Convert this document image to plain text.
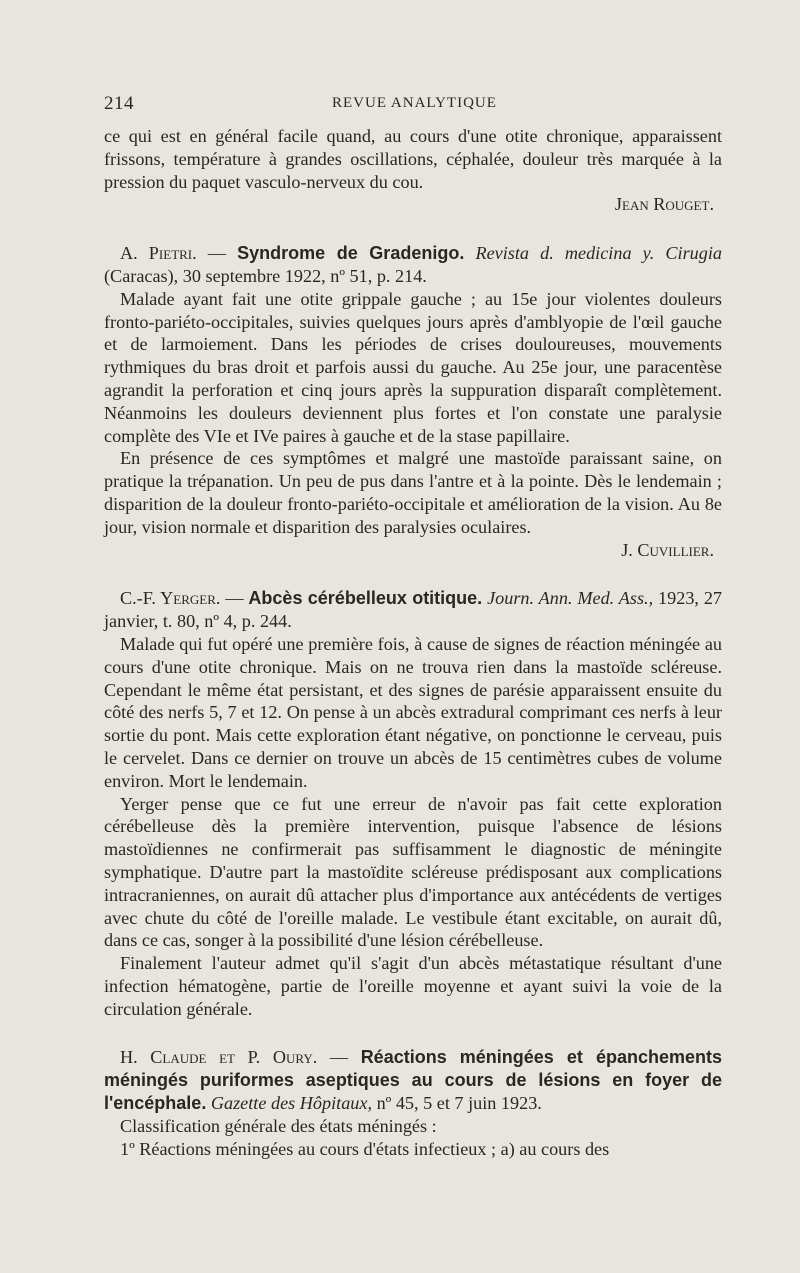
214	REVUE ANALYTIQUE

ce qui est en général facile quand, au cours d'une otite chronique, apparaissent frissons, température à grandes oscillations, céphalée, douleur très marquée à la pression du paquet vasculo-nerveux du cou.

Jean Rouget.

A. Pietri. — Syndrome de Gradenigo. Revista d. medicina y. Cirugia (Caracas), 30 septembre 1922, nº 51, p. 214.

Malade ayant fait une otite grippale gauche ; au 15e jour violentes douleurs fronto-pariéto-occipitales, suivies quelques jours après d'amblyopie de l'œil gauche et de larmoiement. Dans les périodes de crises douloureuses, mouvements rythmiques du bras droit et parfois aussi du gauche. Au 25e jour, une paracentèse agrandit la perforation et cinq jours après la suppuration disparaît complètement. Néanmoins les douleurs deviennent plus fortes et l'on constate une paralysie complète des VIe et IVe paires à gauche et de la stase papillaire.

En présence de ces symptômes et malgré une mastoïde paraissant saine, on pratique la trépanation. Un peu de pus dans l'antre et à la pointe. Dès le lendemain ; disparition de la douleur fronto-pariéto-occipitale et amélioration de la vision. Au 8e jour, vision normale et disparition des paralysies oculaires.

J. Cuvillier.

C.-F. Yerger. — Abcès cérébelleux otitique. Journ. Ann. Med. Ass., 1923, 27 janvier, t. 80, nº 4, p. 244.

Malade qui fut opéré une première fois, à cause de signes de réaction méningée au cours d'une otite chronique. Mais on ne trouva rien dans la mastoïde scléreuse. Cependant le même état persistant, et des signes de parésie apparaissent ensuite du côté des nerfs 5, 7 et 12. On pense à un abcès extradural comprimant ces nerfs à leur sortie du pont. Mais cette exploration étant négative, on ponctionne le cerveau, puis le cervelet. Dans ce dernier on trouve un abcès de 15 centimètres cubes de volume environ. Mort le lendemain.

Yerger pense que ce fut une erreur de n'avoir pas fait cette exploration cérébelleuse dès la première intervention, puisque l'absence de lésions mastoïdiennes ne confirmerait pas suffisamment le diagnostic de méningite symphatique. D'autre part la mastoïdite scléreuse prédisposant aux complications intracraniennes, on aurait dû attacher plus d'importance aux antécédents de vertiges avec chute du côté de l'oreille malade. Le vestibule étant excitable, on aurait dû, dans ce cas, songer à la possibilité d'une lésion cérébelleuse.

Finalement l'auteur admet qu'il s'agit d'un abcès métastatique résultant d'une infection hématogène, partie de l'oreille moyenne et ayant suivi la voie de la circulation générale.

H. Claude et P. Oury. — Réactions méningées et épanchements méningés puriformes aseptiques au cours de lésions en foyer de l'encéphale. Gazette des Hôpitaux, nº 45, 5 et 7 juin 1923.

Classification générale des états méningés :

1º Réactions méningées au cours d'états infectieux ; a) au cours des
